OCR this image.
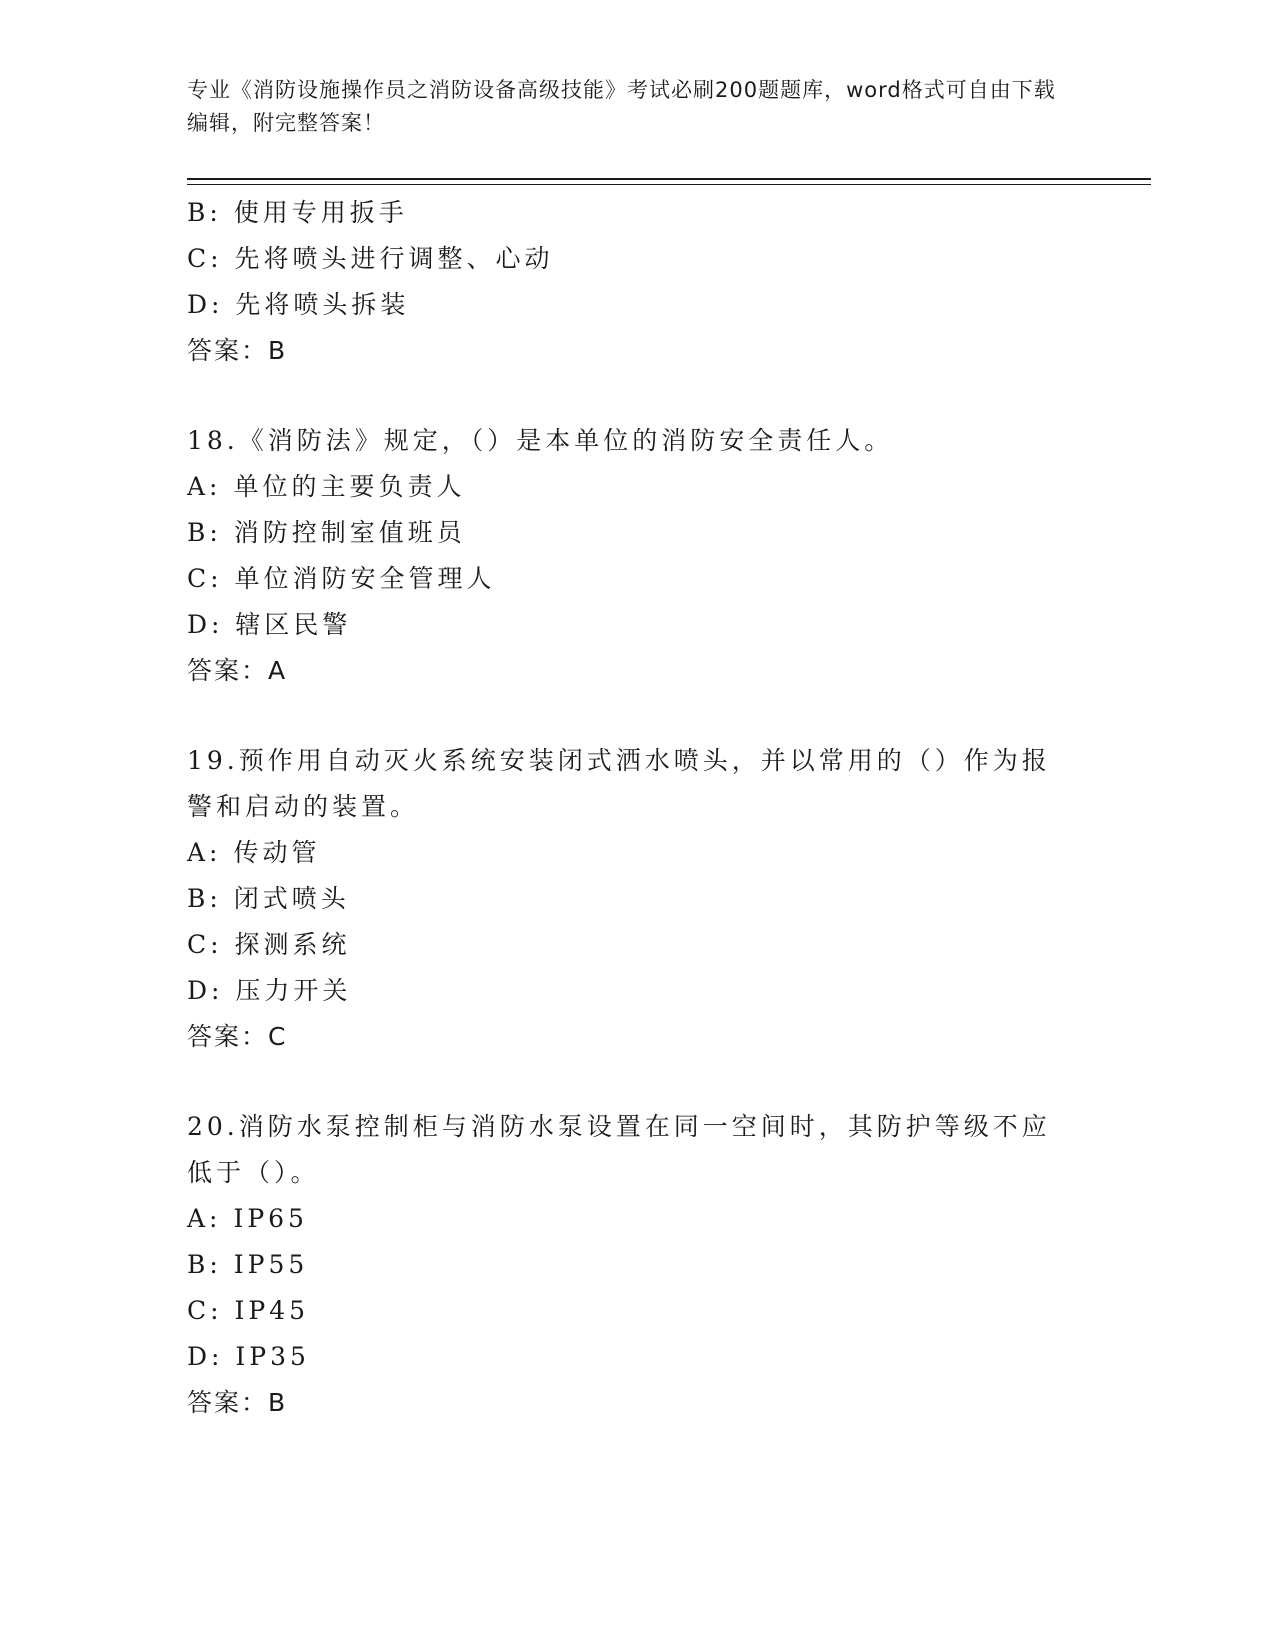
专业《消防设施操作员之消防设备高级技能》考试必刷200题题库，word格式可自由下载编辑，附完整答案！
B: 使用专用扳手
C: 先将喷头进行调整、心动
D: 先将喷头拆装
答案：B
18.《消防法》规定，（）是本单位的消防安全责任人。
A: 单位的主要负责人
B: 消防控制室值班员
C: 单位消防安全管理人
D: 辖区民警
答案：A
19.预作用自动灭火系统安装闭式洒水喷头，并以常用的（）作为报警和启动的装置。
A: 传动管
B: 闭式喷头
C: 探测系统
D: 压力开关
答案：C
20.消防水泵控制柜与消防水泵设置在同一空间时，其防护等级不应低于（）。
A: IP65
B: IP55
C: IP45
D: IP35
答案：B
